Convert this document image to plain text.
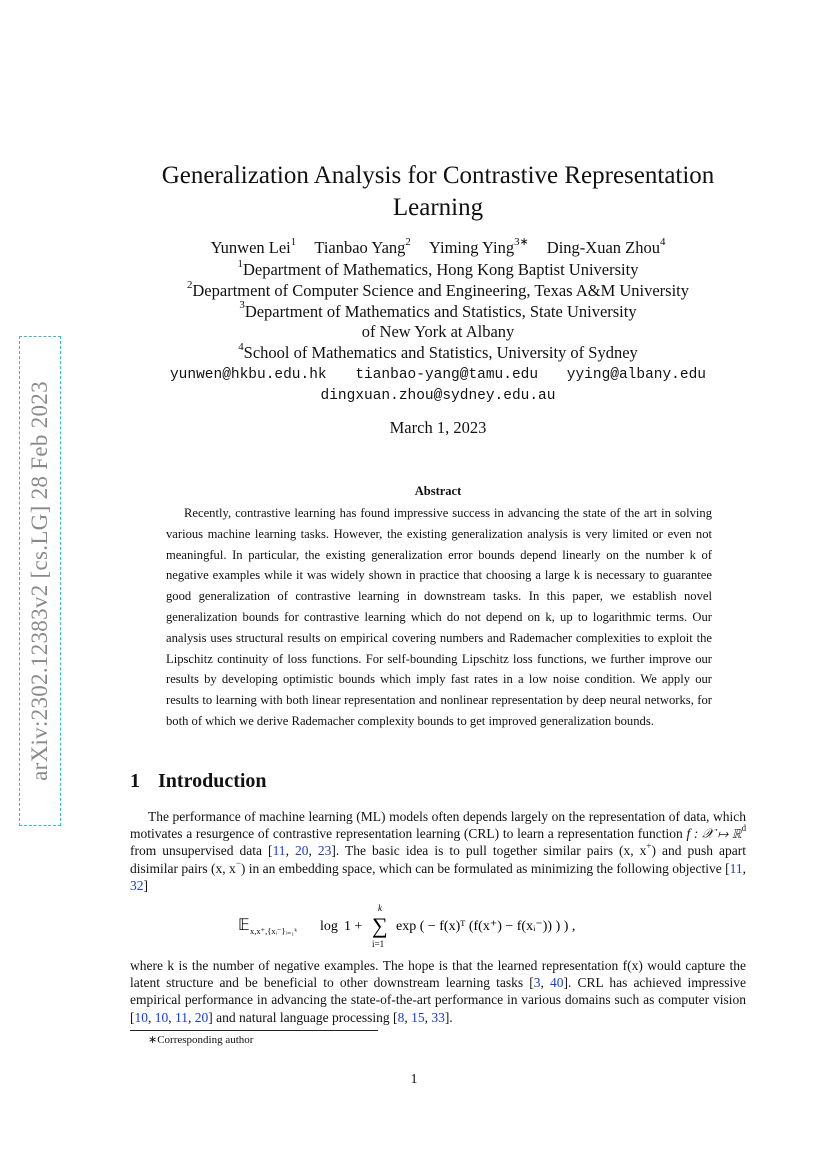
arXiv:2302.12383v2 [cs.LG] 28 Feb 2023
Generalization Analysis for Contrastive Representation
Learning
Yunwen Lei$^1$ Tianbao Yang$^2$ Yiming Ying$^{3∗}$ Ding-Xuan Zhou$^4$
$^1$Department of Mathematics, Hong Kong Baptist University
$^2$Department of Computer Science and Engineering, Texas A&M University
$^3$Department of Mathematics and Statistics, State University
of New York at Albany
$^4$School of Mathematics and Statistics, University of Sydney
yunwen@hkbu.edu.hk tianbao-yang@tamu.edu yying@albany.edu
dingxuan.zhou@sydney.edu.au
March 1, 2023
Abstract

Recently, contrastive learning has found impressive success in advancing the state of the art in solving various machine learning tasks. However, the existing generalization analysis is very limited or even not meaningful. In particular, the existing generalization error bounds depend linearly on the number k of negative examples while it was widely shown in practice that choosing a large k is necessary to guarantee good generalization of contrastive learning in downstream tasks. In this paper, we establish novel generalization bounds for contrastive learning which do not depend on k, up to logarithmic terms. Our analysis uses structural results on empirical covering numbers and Rademacher complexities to exploit the Lipschitz continuity of loss functions. For self-bounding Lipschitz loss functions, we further improve our results by developing optimistic bounds which imply fast rates in a low noise condition. We apply our results to learning with both linear representation and nonlinear representation by deep neural networks, for both of which we derive Rademacher complexity bounds to get improved generalization bounds.

1 Introduction

The performance of machine learning (ML) models often depends largely on the representation of data, which motivates a resurgence of contrastive representation learning (CRL) to learn a representation function f : 𝒳 ↦ ℝ$^d$ from unsupervised data [11, 20, 23]. The basic idea is to pull together similar pairs (x, x+) and push apart disimilar pairs (x, x−) in an embedding space, which can be formulated as minimizing the following objective [11, 32]

𝔼 x,x⁺,{xᵢ⁻}ᵢ₌₁ᵏ log 1 + ∑
k
i=1
exp ( − f(x)ᵀ (f(x⁺) − f(xᵢ⁻)) ) ) ,

where k is the number of negative examples. The hope is that the learned representation f(x) would capture the latent structure and be beneficial to other downstream learning tasks [3, 40]. CRL has achieved impressive empirical performance in advancing the state-of-the-art performance in various domains such as computer vision [10, 10, 11, 20] and natural language processing [8, 15, 33].

∗Corresponding author
1
